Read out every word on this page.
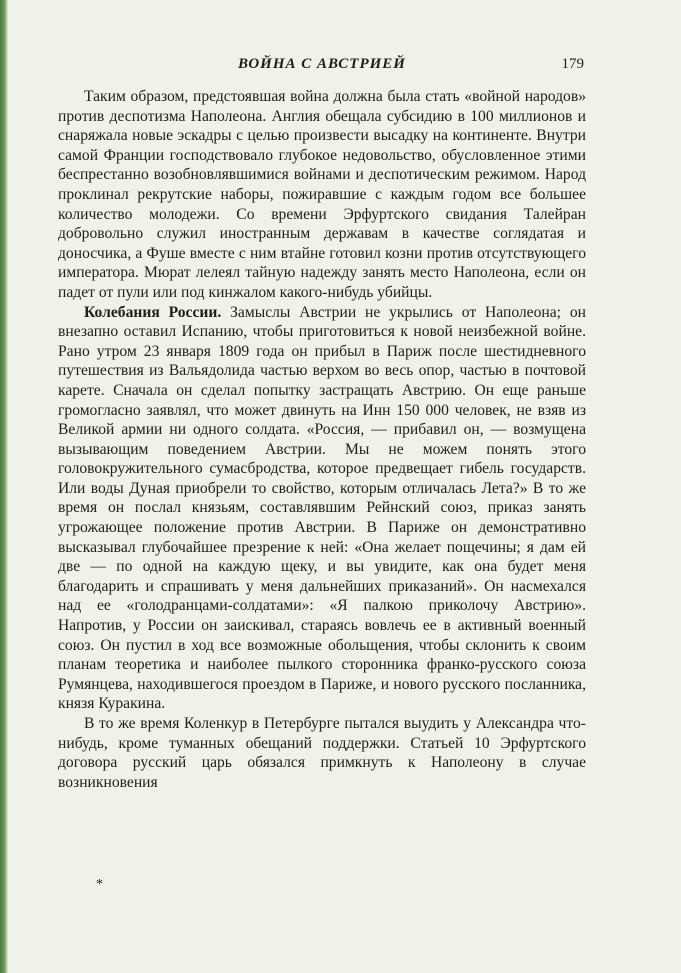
ВОЙНА С АВСТРИЕЙ	179

Таким образом, предстоявшая война должна была стать «войной народов» против деспотизма Наполеона. Англия обещала субсидию в 100 миллионов и снаряжала новые эскадры с целью произвести высадку на континенте. Внутри самой Франции господствовало глубокое недовольство, обусловленное этими беспрестанно возобновлявшимися войнами и деспотическим режимом. Народ проклинал рекрутские наборы, пожиравшие с каждым годом все большее количество молодежи. Со времени Эрфуртского свидания Талейран добровольно служил иностранным державам в качестве соглядатая и доносчика, а Фуше вместе с ним втайне готовил козни против отсутствующего императора. Мюрат лелеял тайную надежду занять место Наполеона, если он падет от пули или под кинжалом какого-нибудь убийцы.

Колебания России. Замыслы Австрии не укрылись от Наполеона; он внезапно оставил Испанию, чтобы приготовиться к новой неизбежной войне. Рано утром 23 января 1809 года он прибыл в Париж после шестидневного путешествия из Вальядолида частью верхом во весь опор, частью в почтовой карете. Сначала он сделал попытку застращать Австрию. Он еще раньше громогласно заявлял, что может двинуть на Инн 150 000 человек, не взяв из Великой армии ни одного солдата. «Россия, — прибавил он, — возмущена вызывающим поведением Австрии. Мы не можем понять этого головокружительного сумасбродства, которое предвещает гибель государств. Или воды Дуная приобрели то свойство, которым отличалась Лета?» В то же время он послал князьям, составлявшим Рейнский союз, приказ занять угрожающее положение против Австрии. В Париже он демонстративно высказывал глубочайшее презрение к ней: «Она желает пощечины; я дам ей две — по одной на каждую щеку, и вы увидите, как она будет меня благодарить и спрашивать у меня дальнейших приказаний». Он насмехался над ее «голодранцами-солдатами»: «Я палкою приколочу Австрию». Напротив, у России он заискивал, стараясь вовлечь ее в активный военный союз. Он пустил в ход все возможные обольщения, чтобы склонить к своим планам теоретика и наиболее пылкого сторонника франко-русского союза Румянцева, находившегося проездом в Париже, и нового русского посланника, князя Куракина.

В то же время Коленкур в Петербурге пытался выудить у Александра что-нибудь, кроме туманных обещаний поддержки. Статьей 10 Эрфуртского договора русский царь обязался примкнуть к Наполеону в случае возникновения

*
